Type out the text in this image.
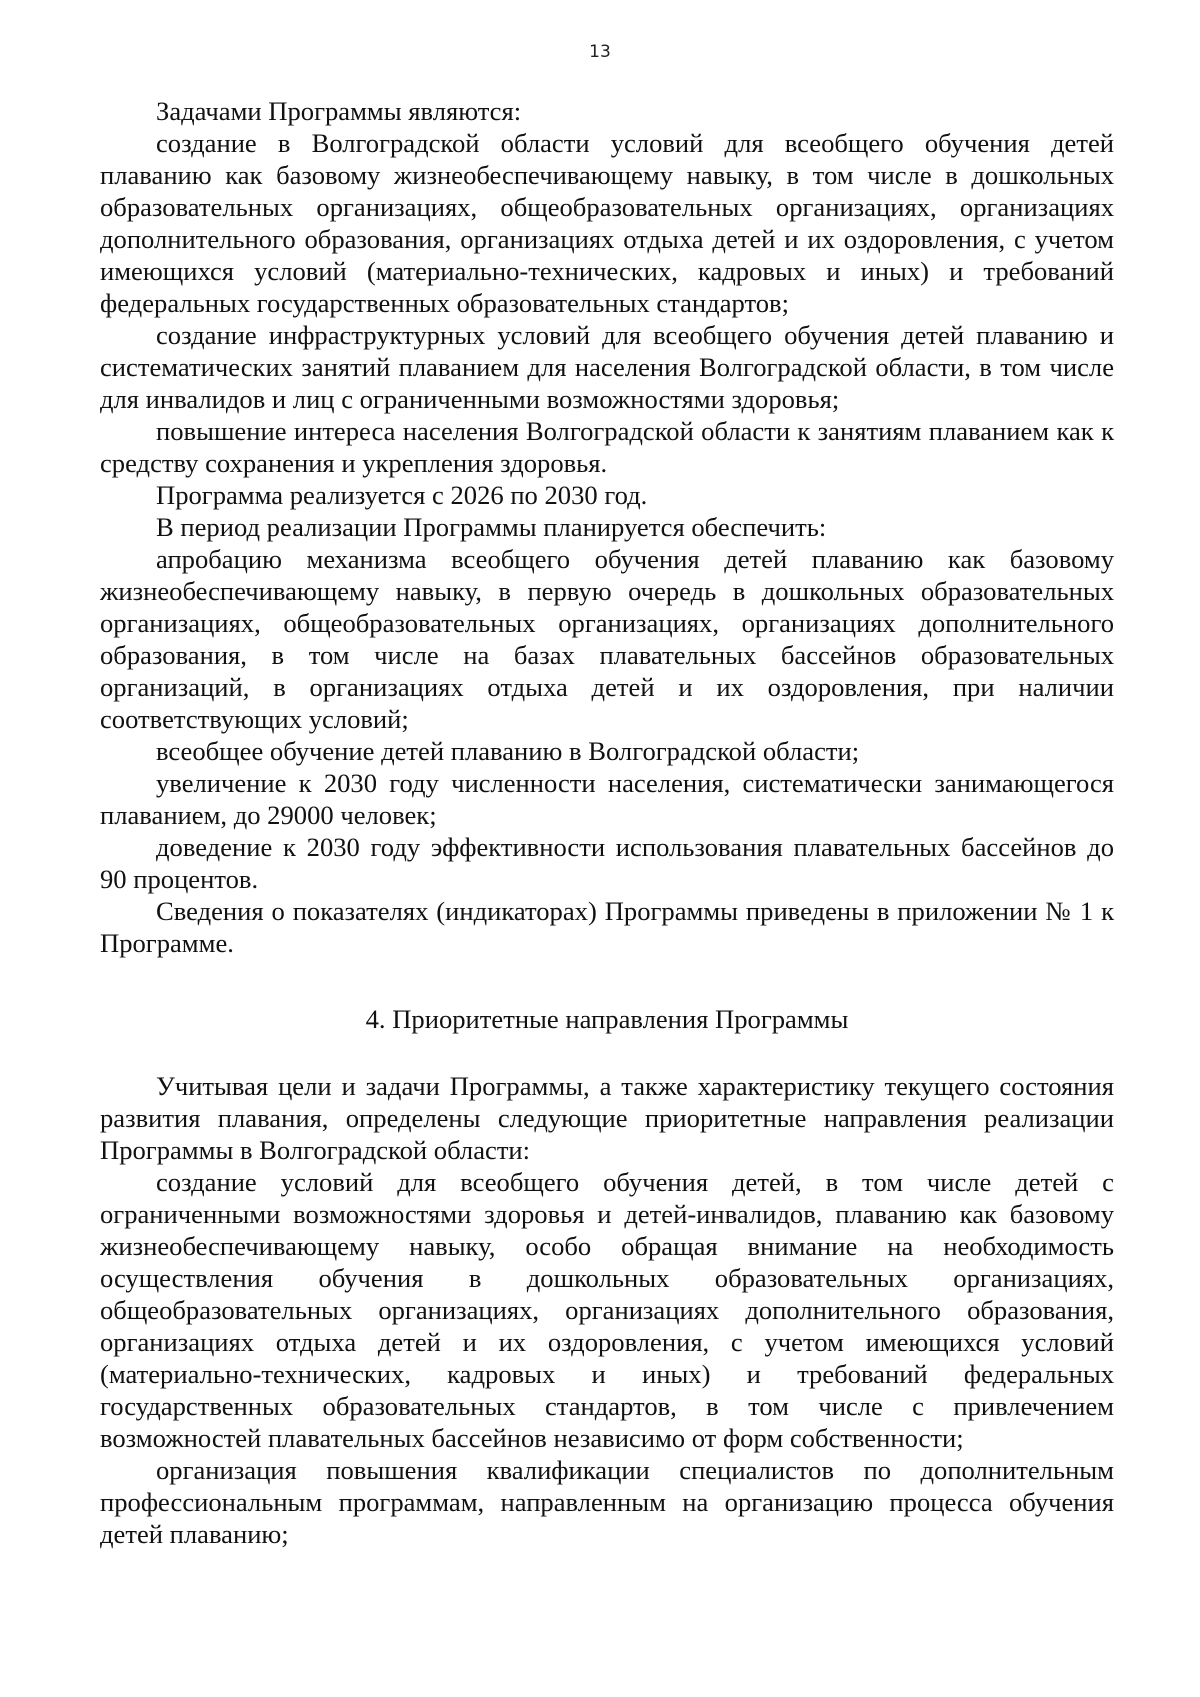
13

Задачами Программы являются:

создание в Волгоградской области условий для всеобщего обучения детей плаванию как базовому жизнеобеспечивающему навыку, в том числе в дошкольных образовательных организациях, общеобразовательных организациях, организациях дополнительного образования, организациях отдыха детей и их оздоровления, с учетом имеющихся условий (материально-технических, кадровых и иных) и требований федеральных государственных образовательных стандартов;

создание инфраструктурных условий для всеобщего обучения детей плаванию и систематических занятий плаванием для населения Волгоградской области, в том числе для инвалидов и лиц с ограниченными возможностями здоровья;

повышение интереса населения Волгоградской области к занятиям плаванием как к средству сохранения и укрепления здоровья.

Программа реализуется с 2026 по 2030 год.

В период реализации Программы планируется обеспечить:

апробацию механизма всеобщего обучения детей плаванию как базовому жизнеобеспечивающему навыку, в первую очередь в дошкольных образовательных организациях, общеобразовательных организациях, организациях дополнительного образования, в том числе на базах плавательных бассейнов образовательных организаций, в организациях отдыха детей и их оздоровления, при наличии соответствующих условий;

всеобщее обучение детей плаванию в Волгоградской области;

увеличение к 2030 году численности населения, систематически занимающегося плаванием, до 29000 человек;

доведение к 2030 году эффективности использования плавательных бассейнов до 90 процентов.

Сведения о показателях (индикаторах) Программы приведены в приложении № 1 к Программе.

4. Приоритетные направления Программы

Учитывая цели и задачи Программы, а также характеристику текущего состояния развития плавания, определены следующие приоритетные направления реализации Программы в Волгоградской области:

создание условий для всеобщего обучения детей, в том числе детей с ограниченными возможностями здоровья и детей-инвалидов, плаванию как базовому жизнеобеспечивающему навыку, особо обращая внимание на необходимость осуществления обучения в дошкольных образовательных организациях, общеобразовательных организациях, организациях дополнительного образования, организациях отдыха детей и их оздоровления, с учетом имеющихся условий (материально-технических, кадровых и иных) и требований федеральных государственных образовательных стандартов, в том числе с привлечением возможностей плавательных бассейнов независимо от форм собственности;

организация повышения квалификации специалистов по дополнительным профессиональным программам, направленным на организацию процесса обучения детей плаванию;
